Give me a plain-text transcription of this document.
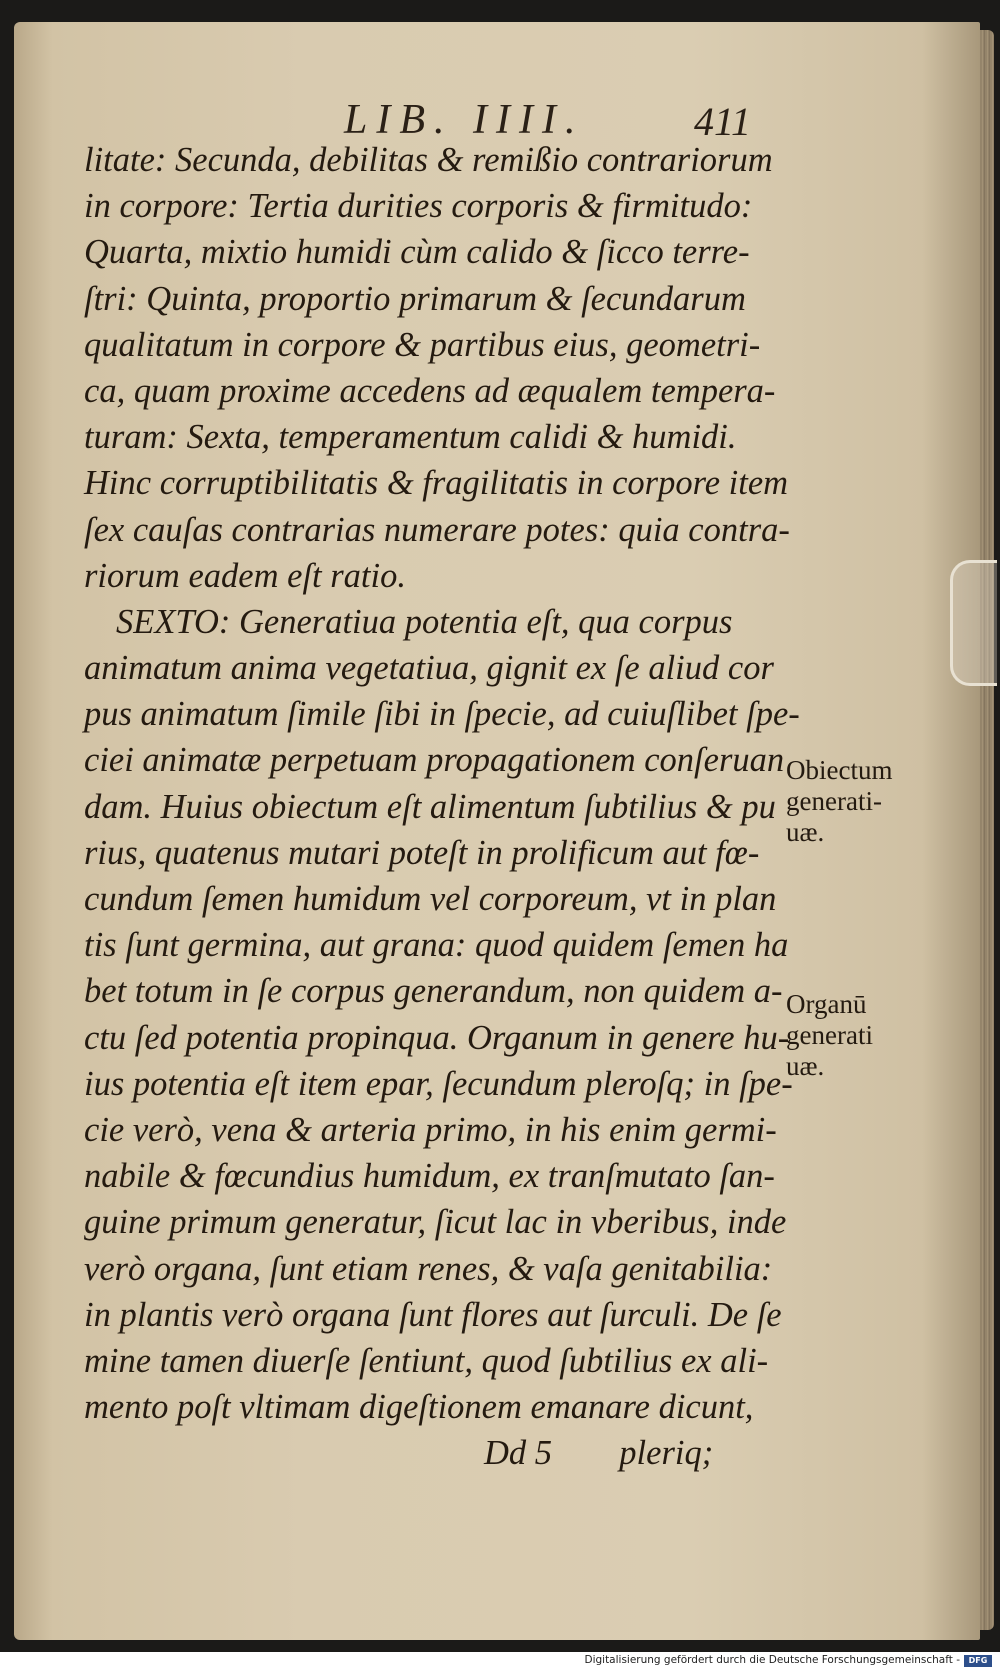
LIB. IIII.	411
litate: Secunda, debilitas & remißio contrariorum
in corpore: Tertia durities corporis & firmitudo:
Quarta, mixtio humidi cùm calido & ſicco terre-
ſtri: Quinta, proportio primarum & ſecundarum
qualitatum in corpore & partibus eius, geometri-
ca, quam proxime accedens ad æqualem tempera-
turam: Sexta, temperamentum calidi & humidi.
Hinc corruptibilitatis & fragilitatis in corpore item
ſex cauſas contrarias numerare potes: quia contra-
riorum eadem eſt ratio.
SEXTO: Generatiua potentia eſt, qua corpus
animatum anima vegetatiua, gignit ex ſe aliud cor
pus animatum ſimile ſibi in ſpecie, ad cuiuſlibet ſpe-
ciei animatæ perpetuam propagationem conſeruan
dam. Huius obiectum eſt alimentum ſubtilius & pu
rius, quatenus mutari poteſt in prolificum aut fœ-
cundum ſemen humidum vel corporeum, vt in plan
tis ſunt germina, aut grana: quod quidem ſemen ha
bet totum in ſe corpus generandum, non quidem a-
ctu ſed potentia propinqua. Organum in genere hu-
ius potentia eſt item epar, ſecundum pleroſq; in ſpe-
cie verò, vena & arteria primo, in his enim germi-
nabile & fœcundius humidum, ex tranſmutato ſan-
guine primum generatur, ſicut lac in vberibus, inde
verò organa, ſunt etiam renes, & vaſa genitabilia:
in plantis verò organa ſunt flores aut ſurculi. De ſe
mine tamen diuerſe ſentiunt, quod ſubtilius ex ali-
mento poſt vltimam digeſtionem emanare dicunt,
Dd 5 pleriq;
Obiectum
generati-
uæ.
Organū
generati
uæ.
Digitalisierung gefördert durch die Deutsche Forschungsgemeinschaft -	DFG
